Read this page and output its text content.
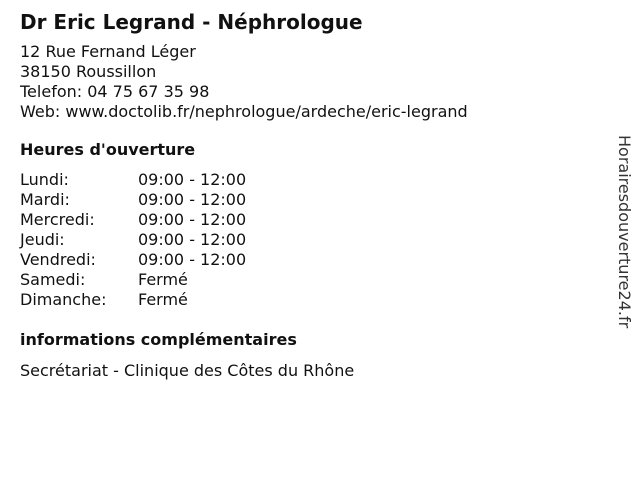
Dr Eric Legrand - Néphrologue
12 Rue Fernand Léger
38150 Roussillon
Telefon: 04 75 67 35 98
Web: www.doctolib.fr/nephrologue/ardeche/eric-legrand
Heures d'ouverture
Lundi:	09:00 - 12:00
Mardi:	09:00 - 12:00
Mercredi:	09:00 - 12:00
Jeudi:	09:00 - 12:00
Vendredi:	09:00 - 12:00
Samedi:	Fermé
Dimanche:	Fermé
informations complémentaires
Secrétariat - Clinique des Côtes du Rhône
Horairesdouverture24.fr
